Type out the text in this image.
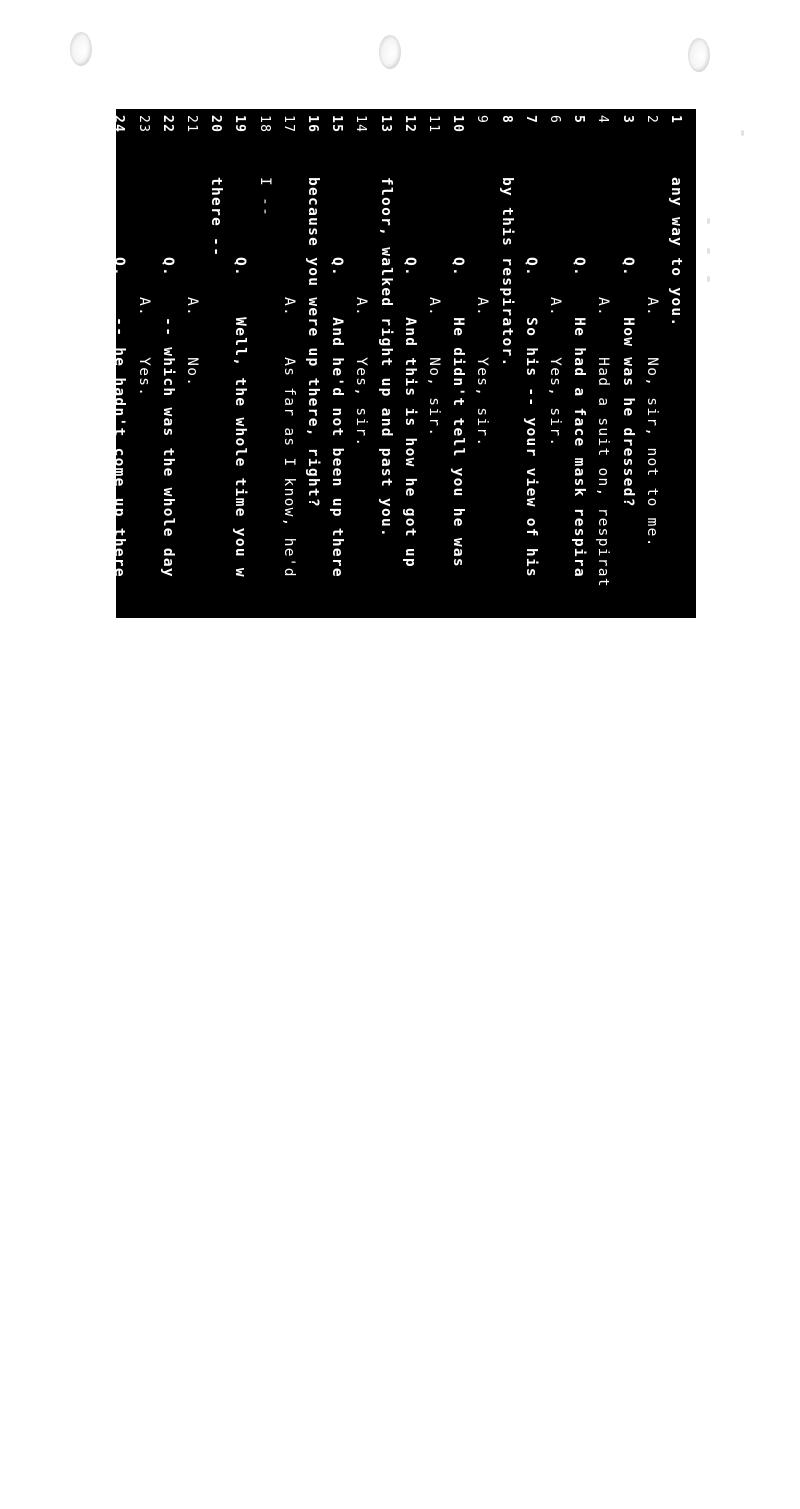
1any way to you.
2A.    No, sir, not to me.
3Q.    How was he dressed?
4A.    Had a suit on, respirat
5Q.    He had a face mask respira
6A.    Yes, sir.
7Q.    So his -- your view of his
8by this respirator.
9A.    Yes, sir.
10Q.    He didn't tell you he was
11A.    No, sir.
12Q.    And this is how he got up
13floor, walked right up and past you.
14A.    Yes, sir.
15Q.    And he'd not been up there
16because you were up there, right?
17A.    As far as I know, he'd
18I --
19Q.    Well, the whole time you w
20there --
21A.    No.
22Q.    -- which was the whole day
23A.    Yes.
24Q.    -- he hadn't come up there
